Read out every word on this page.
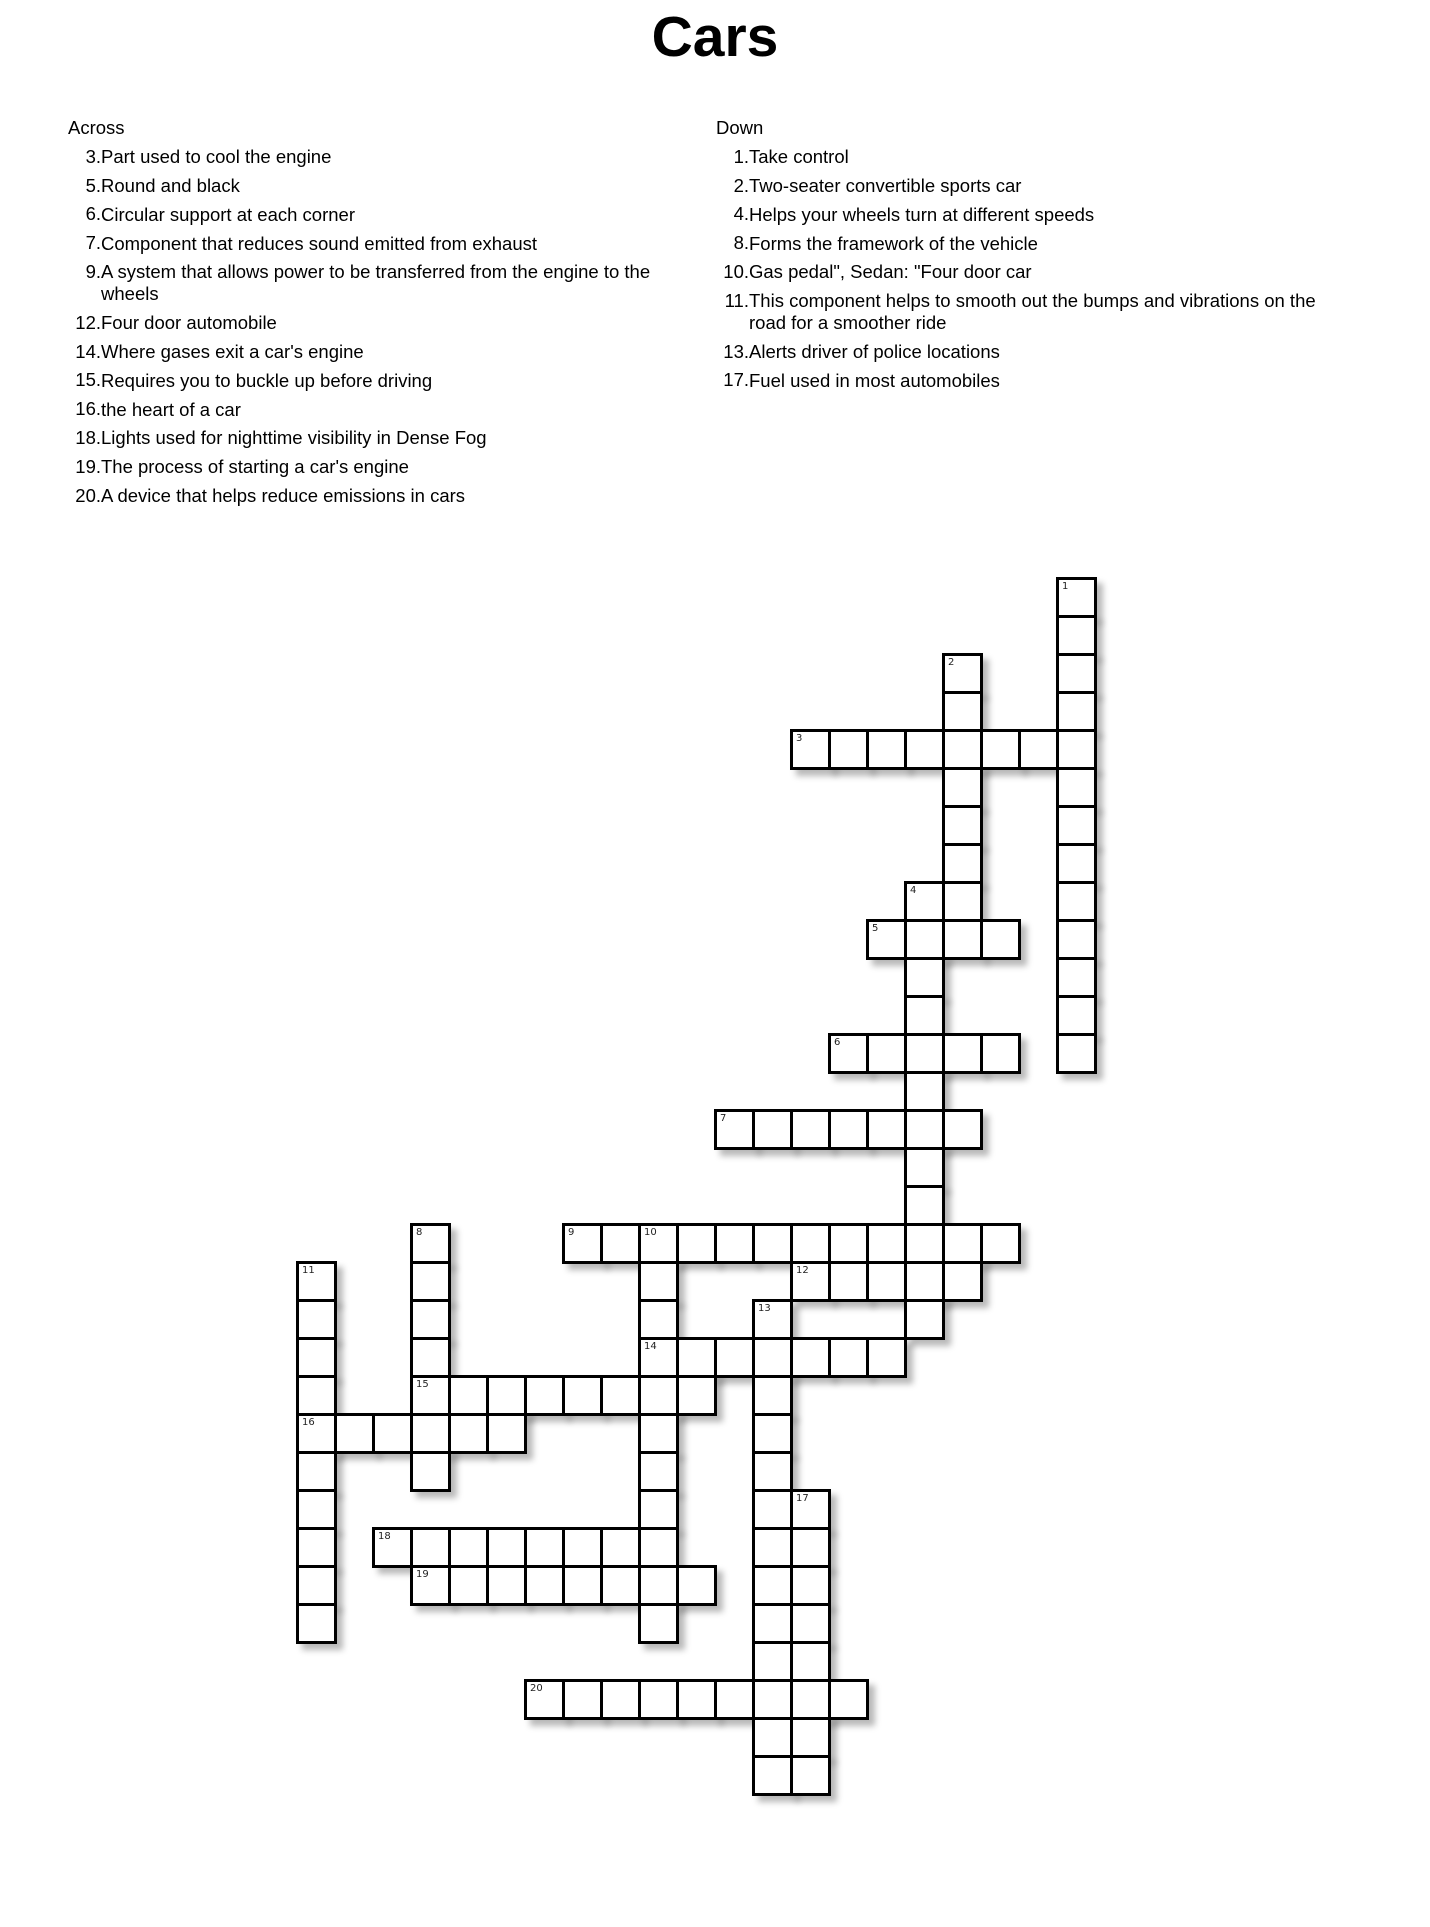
Cars
Across
3. Part used to cool the engine
5. Round and black
6. Circular support at each corner
7. Component that reduces sound emitted from exhaust
9. A system that allows power to be transferred from the engine to the wheels
12. Four door automobile
14. Where gases exit a car's engine
15. Requires you to buckle up before driving
16. the heart of a car
18. Lights used for nighttime visibility in Dense Fog
19. The process of starting a car's engine
20. A device that helps reduce emissions in cars
Down
1. Take control
2. Two-seater convertible sports car
4. Helps your wheels turn at different speeds
8. Forms the framework of the vehicle
10. Gas pedal", Sedan: "Four door car
11. This component helps to smooth out the bumps and vibrations on the road for a smoother ride
13. Alerts driver of police locations
17. Fuel used in most automobiles
1
2
3
4
5
6
7
8
15
9	10
14
11
16
12
13
17
18
19
20
